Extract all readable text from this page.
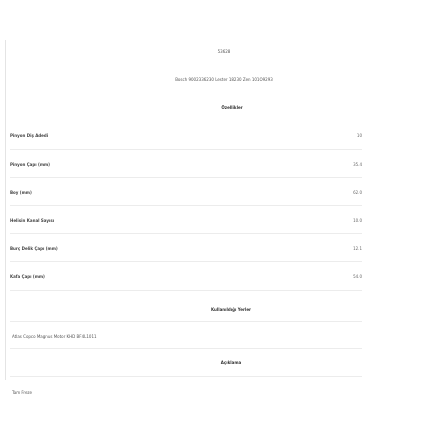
53628
Bosch 9002336230 Lester 18230 Zen 101O9293
Özellikler
Pinyon Diş Adedi	10
Pinyon Çapı (mm)	35.4
Boy (mm)	62.0
Helisin Kanal Sayısı	10.0
Burç Delik Çapı (mm)	12.1
Kafa Çapı (mm)	54.0
Kullanıldığı Yerler
Atlas Copco Magnus Motor KHD BF4L1011
Açıklama
Tam Freze
